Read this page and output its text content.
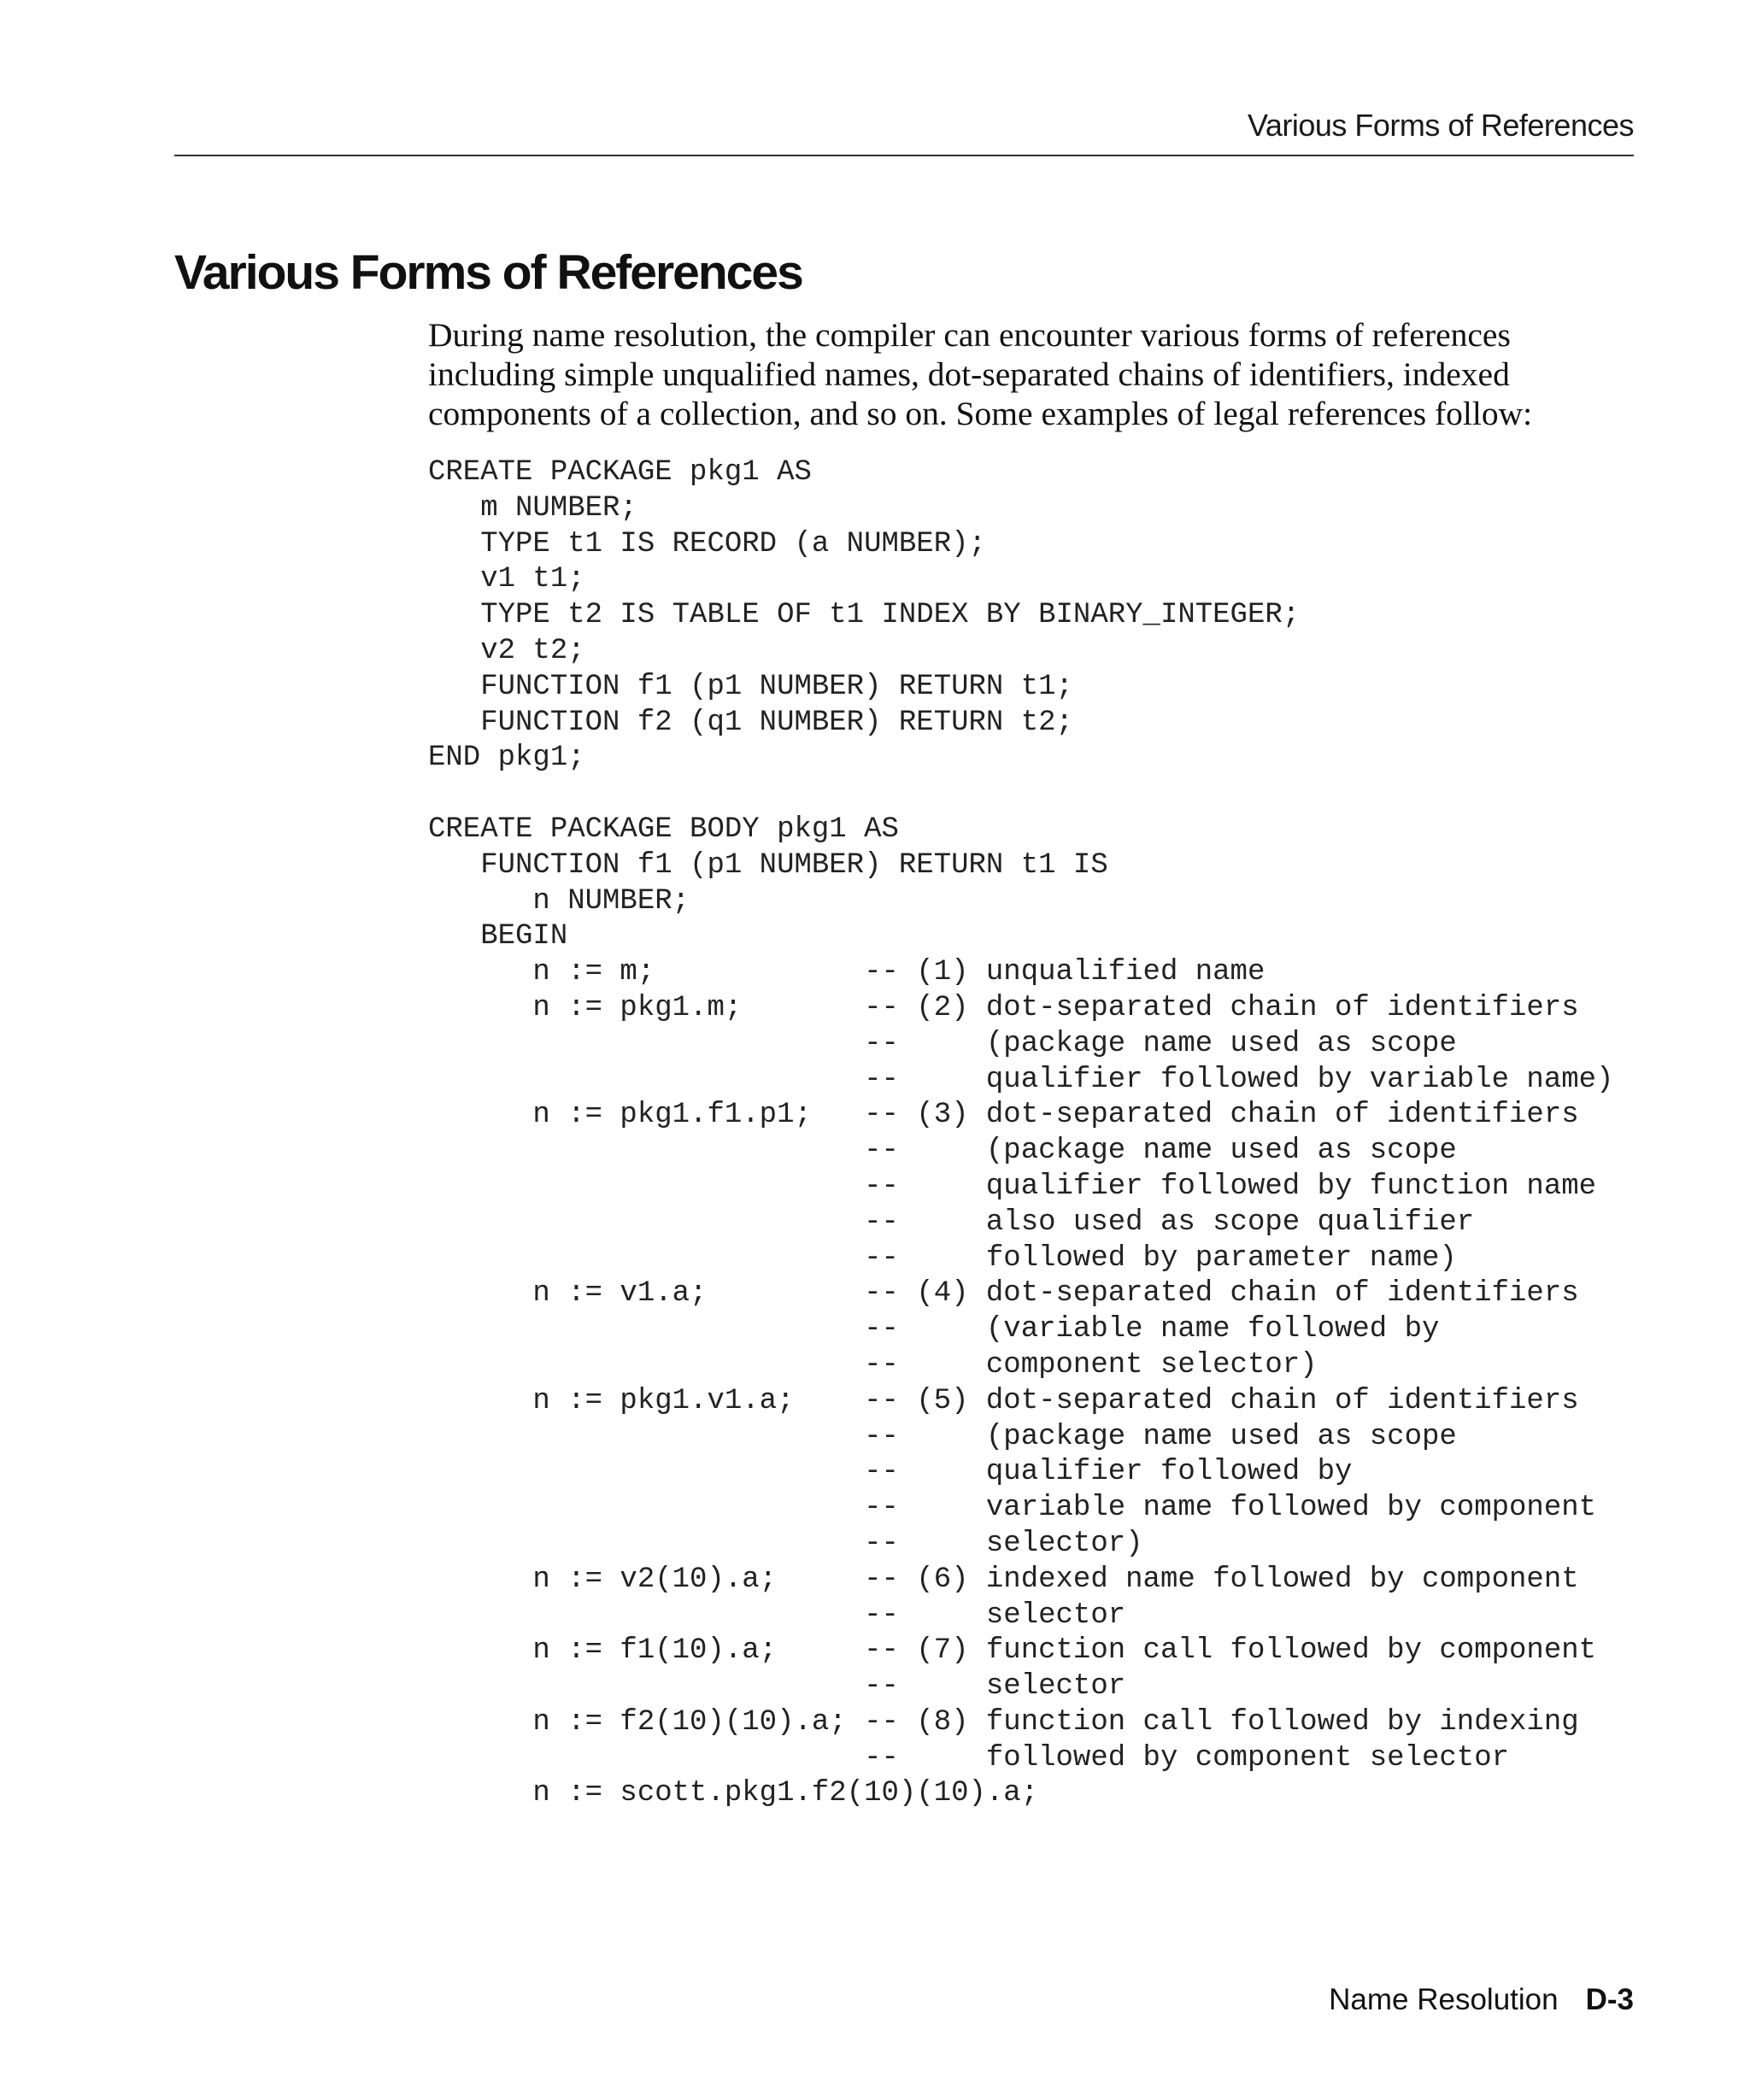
Various Forms of References
Various Forms of References

During name resolution, the compiler can encounter various forms of references
including simple unqualified names, dot-separated chains of identifiers, indexed
components of a collection, and so on. Some examples of legal references follow:

CREATE PACKAGE pkg1 AS
m NUMBER;
TYPE t1 IS RECORD (a NUMBER);
v1 t1;
TYPE t2 IS TABLE OF t1 INDEX BY BINARY_INTEGER;
v2 t2;
FUNCTION f1 (p1 NUMBER) RETURN t1;
FUNCTION f2 (q1 NUMBER) RETURN t2;
END pkg1;
CREATE PACKAGE BODY pkg1 AS
FUNCTION f1 (p1 NUMBER) RETURN t1 IS
n NUMBER;
BEGIN
n := m;            -- (1) unqualified name
n := pkg1.m;       -- (2) dot-separated chain of identifiers
--     (package name used as scope
--     qualifier followed by variable name)
n := pkg1.f1.p1;   -- (3) dot-separated chain of identifiers
--     (package name used as scope
--     qualifier followed by function name
--     also used as scope qualifier
--     followed by parameter name)
n := v1.a;         -- (4) dot-separated chain of identifiers
--     (variable name followed by
--     component selector)
n := pkg1.v1.a;    -- (5) dot-separated chain of identifiers
--     (package name used as scope
--     qualifier followed by
--     variable name followed by component
--     selector)
n := v2(10).a;     -- (6) indexed name followed by component
--     selector
n := f1(10).a;     -- (7) function call followed by component
--     selector
n := f2(10)(10).a; -- (8) function call followed by indexing
--     followed by component selector
n := scott.pkg1.f2(10)(10).a;
Name Resolution D-3
